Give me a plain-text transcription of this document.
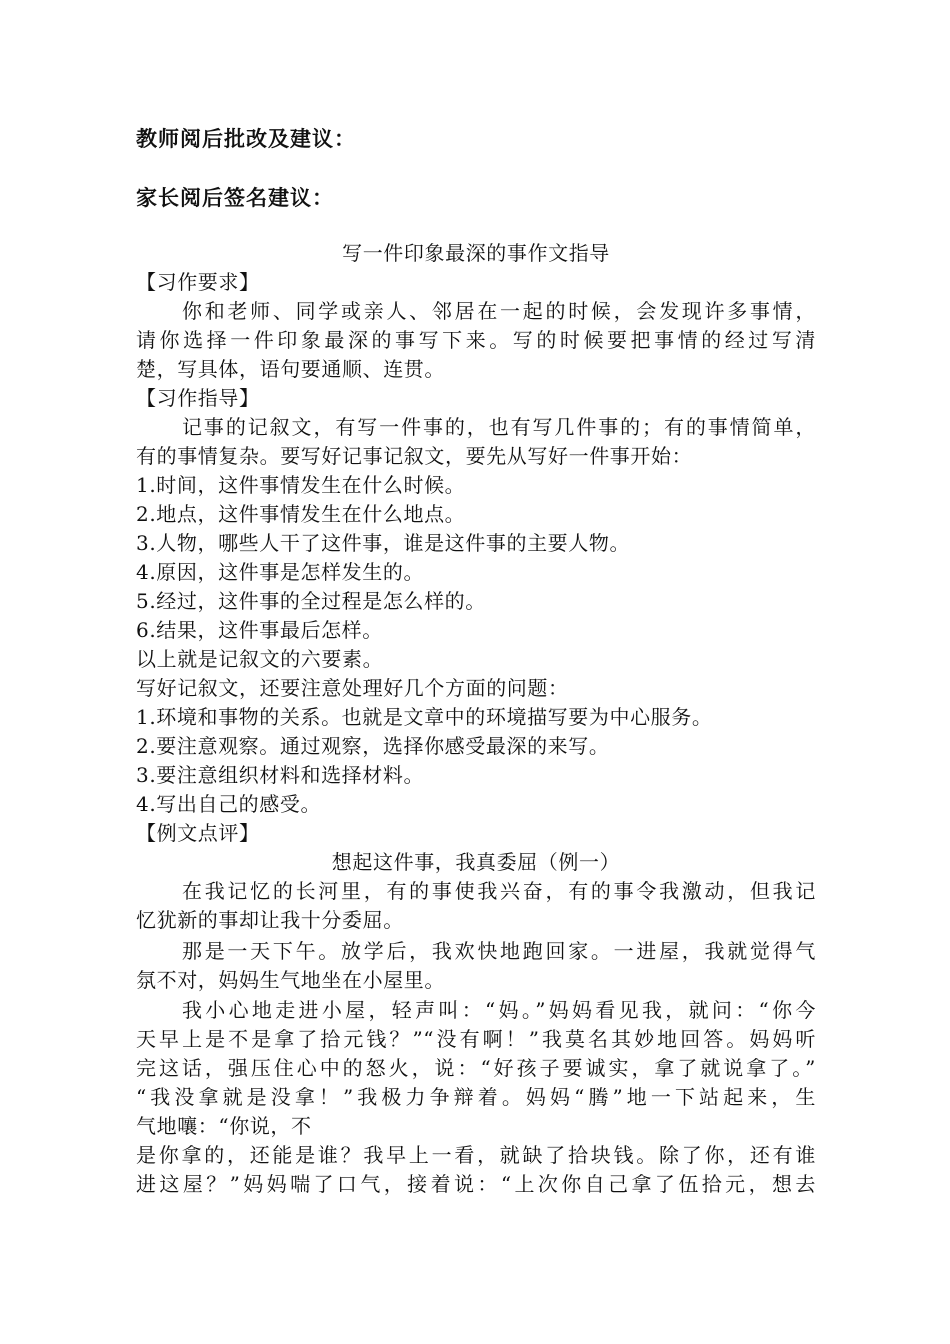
教师阅后批改及建议：
家长阅后签名建议：
写一件印象最深的事作文指导
【习作要求】
你和老师、同学或亲人、邻居在一起的时候，会发现许多事情，
请你选择一件印象最深的事写下来。写的时候要把事情的经过写清
楚，写具体，语句要通顺、连贯。
【习作指导】
记事的记叙文，有写一件事的，也有写几件事的；有的事情简单，
有的事情复杂。要写好记事记叙文，要先从写好一件事开始：
1.时间，这件事情发生在什么时候。
2.地点，这件事情发生在什么地点。
3.人物，哪些人干了这件事，谁是这件事的主要人物。
4.原因，这件事是怎样发生的。
5.经过，这件事的全过程是怎么样的。
6.结果，这件事最后怎样。
以上就是记叙文的六要素。
写好记叙文，还要注意处理好几个方面的问题：
1.环境和事物的关系。也就是文章中的环境描写要为中心服务。
2.要注意观察。通过观察，选择你感受最深的来写。
3.要注意组织材料和选择材料。
4.写出自己的感受。
【例文点评】
想起这件事，我真委屈（例一）
在我记忆的长河里，有的事使我兴奋，有的事令我激动，但我记
忆犹新的事却让我十分委屈。
那是一天下午。放学后，我欢快地跑回家。一进屋，我就觉得气
氛不对，妈妈生气地坐在小屋里。
我小心地走进小屋，轻声叫：“妈。”妈妈看见我，就问：“你今
天早上是不是拿了拾元钱？”“没有啊！”我莫名其妙地回答。妈妈听
完这话，强压住心中的怒火，说：“好孩子要诚实，拿了就说拿了。”
“我没拿就是没拿！”我极力争辩着。妈妈“腾”地一下站起来，生
气地嚷：“你说，不
是你拿的，还能是谁？我早上一看，就缺了拾块钱。除了你，还有谁
进这屋？”妈妈喘了口气，接着说：“上次你自己拿了伍拾元，想去
